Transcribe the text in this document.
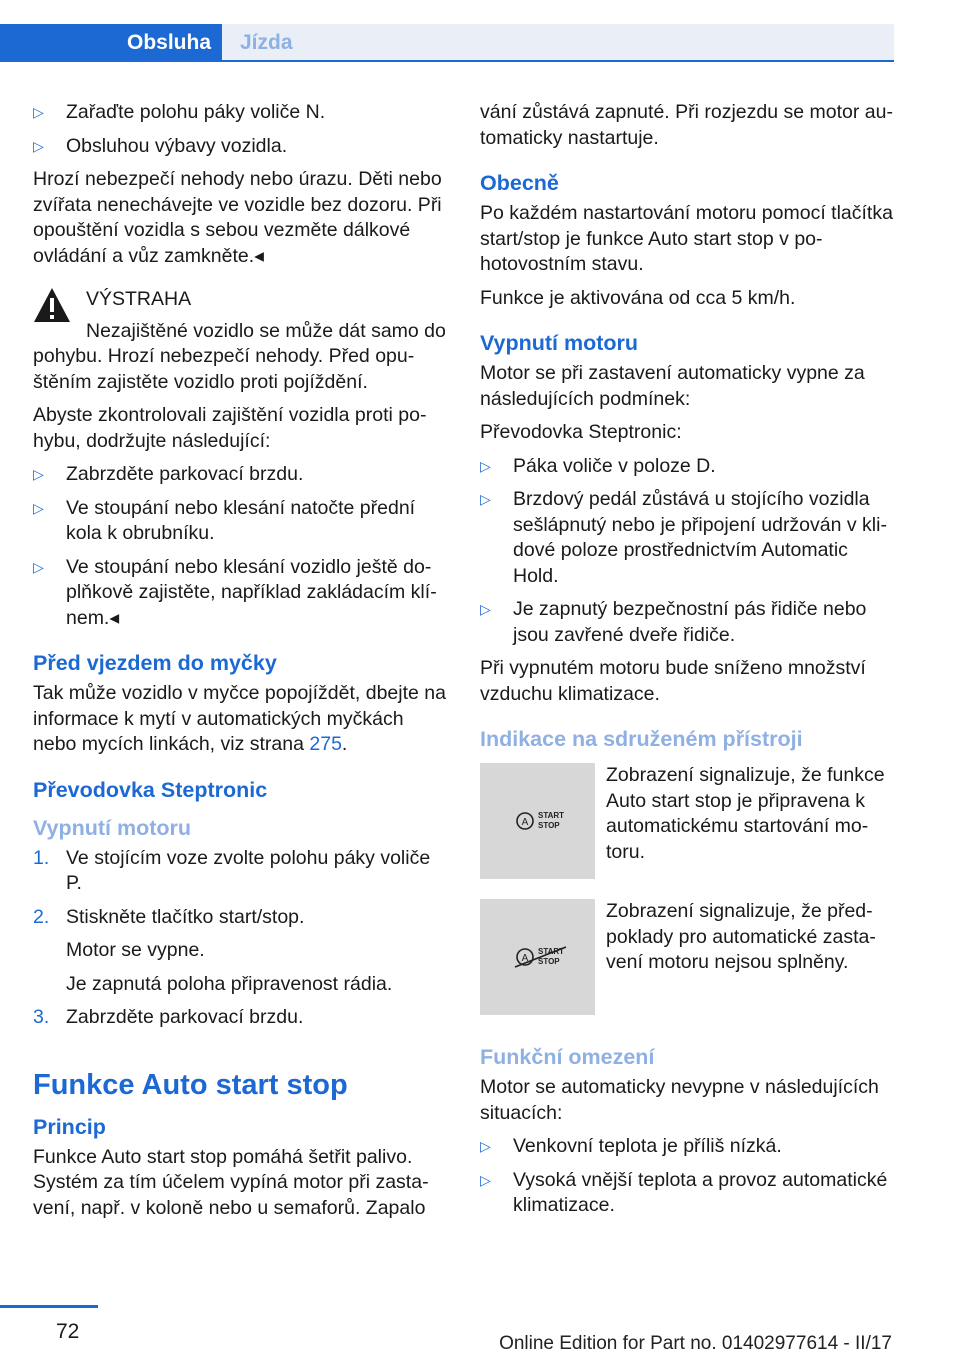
Obsluha	Jízda
▷ Zařaďte polohu páky voliče N.
▷ Obsluhou výbavy vozidla.

Hrozí nebezpečí nehody nebo úrazu. Děti nebo zvířata nenechávejte ve vozidle bez dozoru. Při opouštění vozidla s sebou vezměte dálkové ovládání a vůz zamkněte.◂

VÝSTRAHA

Nezajištěné vozidlo se může dát samo do pohybu. Hrozí nebezpečí nehody. Před opuštěním zajistěte vozidlo proti pojíždění.

Abyste zkontrolovali zajištění vozidla proti pohybu, dodržujte následující:

▷ Zabrzděte parkovací brzdu.
▷ Ve stoupání nebo klesání natočte přední kola k obrubníku.
▷ Ve stoupání nebo klesání vozidlo ještě doplňkově zajistěte, například zakládacím klínem.◂
Před vjezdem do myčky

Tak může vozidlo v myčce popojíždět, dbejte na informace k mytí v automatických myčkách nebo mycích linkách, viz strana 275.

Převodovka Steptronic
Vypnutí motoru
1. Ve stojícím voze zvolte polohu páky voliče P.
2. Stiskněte tlačítko start/stop.

Motor se vypne.

Je zapnutá poloha připravenost rádia.

3. Zabrzděte parkovací brzdu.
Funkce Auto start stop
Princip

Funkce Auto start stop pomáhá šetřit palivo. Systém za tím účelem vypíná motor při zastavení, např. v koloně nebo u semaforů. Zapalo

vání zůstává zapnuté. Při rozjezdu se motor automaticky nastartuje.

Obecně

Po každém nastartování motoru pomocí tlačítka start/stop je funkce Auto start stop v pohotovostním stavu.

Funkce je aktivována od cca 5 km/h.

Vypnutí motoru

Motor se při zastavení automaticky vypne za následujících podmínek:

Převodovka Steptronic:

▷ Páka voliče v poloze D.
▷ Brzdový pedál zůstává u stojícího vozidla sešlápnutý nebo je připojení udržován v klidové poloze prostřednictvím Automatic Hold.
▷ Je zapnutý bezpečnostní pás řidiče nebo jsou zavřené dveře řidiče.

Při vypnutém motoru bude sníženo množství vzduchu klimatizace.

Indikace na sdruženém přístroji
A
START
STOP
Zobrazení signalizuje, že funkce Auto start stop je připravena k automatickému startování motoru.
A
START
STOP
Zobrazení signalizuje, že předpoklady pro automatické zastavení motoru nejsou splněny.
Funkční omezení

Motor se automaticky nevypne v následujících situacích:

▷ Venkovní teplota je příliš nízká.
▷ Vysoká vnější teplota a provoz automatické klimatizace.
72
Online Edition for Part no. 01402977614 - II/17
